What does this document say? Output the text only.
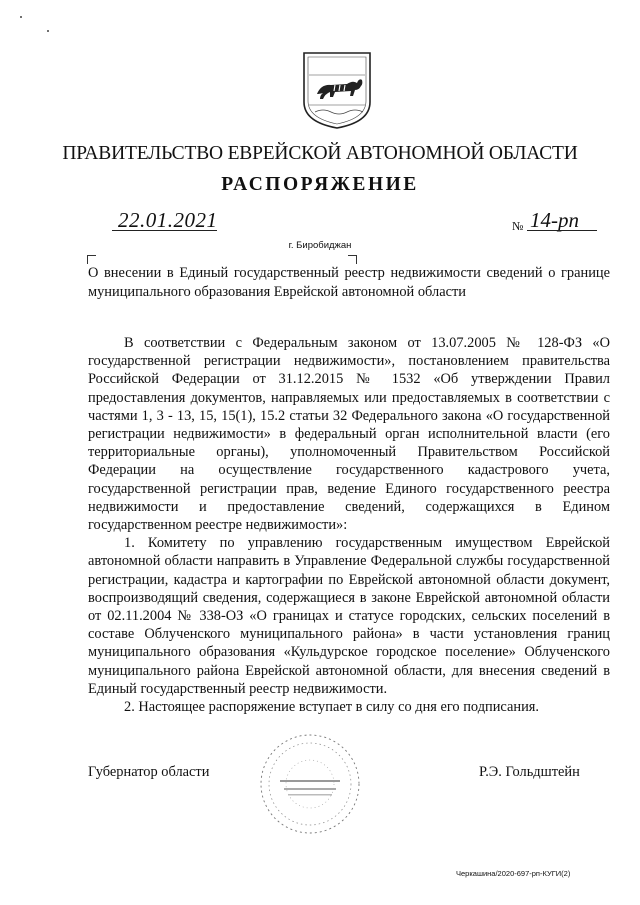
ПРАВИТЕЛЬСТВО ЕВРЕЙСКОЙ АВТОНОМНОЙ ОБЛАСТИ
РАСПОРЯЖЕНИЕ
22.01.2021	№ 14-рп
г. Биробиджан
О внесении в Единый государственный реестр недвижимости сведений о границе муниципального образования Еврейской автономной области

В соответствии с Федеральным законом от 13.07.2005 № 128-ФЗ «О государственной регистрации недвижимости», постановлением правительства Российской Федерации от 31.12.2015 № 1532 «Об утверждении Правил предоставления документов, направляемых или предоставляемых в соответствии с частями 1, 3 - 13, 15, 15(1), 15.2 статьи 32 Федерального закона «О государственной регистрации недвижимости» в федеральный орган исполнительной власти (его территориальные органы), уполномоченный Правительством Российской Федерации на осуществление государственного кадастрового учета, государственной регистрации прав, ведение Единого государственного реестра недвижимости и предоставление сведений, содержащихся в Едином государственном реестре недвижимости»:

1. Комитету по управлению государственным имуществом Еврейской автономной области направить в Управление Федеральной службы государственной регистрации, кадастра и картографии по Еврейской автономной области документ, воспроизводящий сведения, содержащиеся в законе Еврейской автономной области от 02.11.2004 № 338-ОЗ «О границах и статусе городских, сельских поселений в составе Облученского муниципального района» в части установления границ муниципального образования «Кульдурское городское поселение» Облученского муниципального района Еврейской автономной области, для внесения сведений в Единый государственный реестр недвижимости.

2. Настоящее распоряжение вступает в силу со дня его подписания.

Губернатор области	Р.Э. Гольдштейн
Черкашина/2020-697-рп-КУГИ(2)
